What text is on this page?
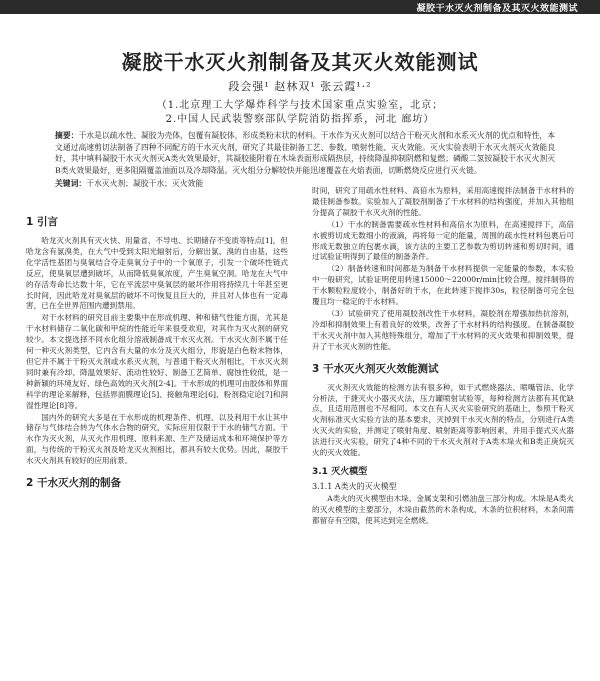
凝胶干水灭火剂制备及其灭火效能测试
凝胶干水灭火剂制备及其灭火效能测试
段会强¹ 赵林双¹ 张云霞¹·²
（1.北京理工大学爆炸科学与技术国家重点实验室，北京；
2.中国人民武装警察部队学院消防指挥系，河北 廊坊）

摘要：干水是以疏水性、凝胶为壳体，包覆有凝胶体，形成类粉末状的材料。干水作为灭火剂可以结合干粉灭火剂和水系灭火剂的优点和特性，本文通过高速剪切法制备了四种不同配方的干水灭火剂，研究了其最佳制备工艺、参数、喷射性能、灭火效能。灭火实验表明干水灭火剂灭火效能良好，其中填料凝胶干水灭火剂灭A类火效果最好，其凝胶能附着在木垛表面形成隔热层，持续降温抑制阴燃和复燃；磷酸二氢铵凝胶干水灭火剂灭B类火效果最好，更多阻隔覆盖油面以及冷却降温。灭火组分分解较快并能迅速覆盖在火焰表面，切断燃烧反应进行灭火链。

关键词：干水灭火剂；凝胶干水；灭火效能
1 引言

哈龙灭火剂具有灭火快、用量省、不导电、长期储存不变质等特点[1]，但哈龙含有氯溴类，在大气中受到太阳光辐射后，分解出氯、溴的自由基，这些化学活性基团与臭氧结合夺走臭氧分子中的一个氧原子，引发一个破坏性链式反应，使臭氧层遭到破坏，从而降低臭氧浓度，产生臭氧空洞。哈龙在大气中的存活寿命长达数十年，它在平流层中臭氧层的破坏作用将持续几十年甚至更长时间，因此哈龙对臭氧层的破坏不可恢复且巨大的，并且对人体也有一定毒害，已在全世界范围内遭到禁用。

对干水材料的研究目前主要集中在形成机理、种和储气性能方面，尤其是干水材料储存二氧化碳和甲烷的性能近年来很受欢迎，对其作为灭火剂的研究较少。本文提选择不同水化组分溶液制备成干水灭火剂。干水灭火剂不属于任何一种灭火剂类型，它内含有大量的水分及灭火组分，形貌是白色粉末物体，但它并不属于干粉灭火剂或水系灭火剂，与普通干粉灭火剂相比，干水灭火剂同时兼有冷却、降温效果好、流动性较好、制备工艺简单、腐蚀性较低，是一种新颖的环境友好、绿色高效的灭火剂[2-4]。干水形成的机理可由胶体和界面科学的理论来解释，包括界面膜理论[5]、接触角理论[6]、粉剂稳定论[7]和润湿性理论[8]等。

国内外的研究大多是在干水形成的机理条件、机理、以及利用干水让其中储存与气体结合转为气体水合物的研究，实际应用仅限于干水的储气方面。干水作为灭火剂，从灭火作用机理、原料来源、生产及储运成本和环境保护等方面，与传统的干粉灭火剂及哈龙灭火剂相比，都具有较大优势。因此，凝胶干水灭火剂具有较好的应用前景。

2 干水灭火剂的制备

时间，研究了用疏水性材料、高倍水为原料，采用高速搅拌法制备干水材料的最佳制备参数。实验加入了凝胶剂制备了干水材料的结构强度，并加入其他组分提高了凝胶干水灭火剂的性能。

（1）干水的制备需要疏水性材料和高倍水为原料，在高速搅拌下，高倍水被剪切成无数细小的液滴，再将每一定的能量，周围的疏水性材料包裹后可形成无数独立的包裹水滴，该方法的主要工艺参数为剪切转速和剪切时间，通过试验证明得到了最佳的制备条件。

（2）制备转速和时间都是为制备干水材料提供一定能量的参数，本实验中一般研究，试验证明使用转速15000～22000r/min比较合理。搅拌制得的干水颗粒粒度较小，制备好的干水，在此转速下搅拌30s，粒径制备可完全包覆且均一稳定的干水材料。

（3）试验研究了使用凝胶剂改性干水材料，凝胶剂在增强加热抗溶剂，冷却和抑制效果上有着良好的效果，改善了干水材料的结构强度。在制备凝胶干水灭火剂中加入其他特殊组分，增加了干水材料的灭火效果和抑制效果，提升了干水灭火剂的性能。

3 干水灭火剂灭火效能测试

灭火剂灭火效能的检测方法有很多种，如干式燃烧器法、喷嘴管法、化学分析法，于捷灭火小器灭火法，压力罐喷射试验等，每种检测方法都有其优缺点，且适用范围也不尽相同。本文在有人灭火实验研究的基础上，参照干粉灭火剂标准灭火实验方法的基本要求，灭掉到干水灭火剂的特点，分别进行A类火灭火的实验，并测定了喷射角度、喷射距离等影响因素，并用手提式灭火器法进行灭火实验，研究了4种不同的干水灭火剂对于A类木垛火和B类正庚烷灭火的灭火效能。

3.1 灭火模型
3.1.1 A类火的灭火模型

A类火的灭火模型由木垛、金属支架和引燃油盘三部分构成。木垛是A类火的灭火模型的主要部分，木垛由截然的木条构成，木条的位积材料，木条间需都留存有空隙，使其达到完全燃烧。
